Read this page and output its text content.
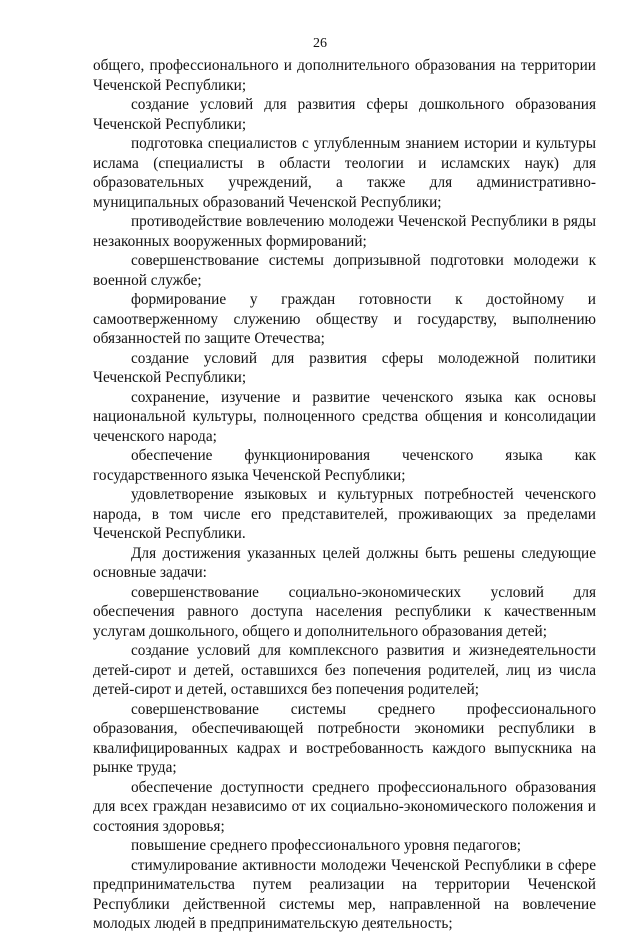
26

общего, профессионального и дополнительного образования на территории Чеченской Республики;

создание условий для развития сферы дошкольного образования Чеченской Республики;

подготовка специалистов с углубленным знанием истории и культуры ислама (специалисты в области теологии и исламских наук) для образовательных учреждений, а также для административно-муниципальных образований Чеченской Республики;

противодействие вовлечению молодежи Чеченской Республики в ряды незаконных вооруженных формирований;

совершенствование системы допризывной подготовки молодежи к военной службе;

формирование у граждан готовности к достойному и самоотверженному служению обществу и государству, выполнению обязанностей по защите Отечества;

создание условий для развития сферы молодежной политики Чеченской Республики;

сохранение, изучение и развитие чеченского языка как основы национальной культуры, полноценного средства общения и консолидации чеченского народа;

обеспечение функционирования чеченского языка как государственного языка Чеченской Республики;

удовлетворение языковых и культурных потребностей чеченского народа, в том числе его представителей, проживающих за пределами Чеченской Республики.

Для достижения указанных целей должны быть решены следующие основные задачи:

совершенствование социально-экономических условий для обеспечения равного доступа населения республики к качественным услугам дошкольного, общего и дополнительного образования детей;

создание условий для комплексного развития и жизнедеятельности детей-сирот и детей, оставшихся без попечения родителей, лиц из числа детей-сирот и детей, оставшихся без попечения родителей;

совершенствование системы среднего профессионального образования, обеспечивающей потребности экономики республики в квалифицированных кадрах и востребованность каждого выпускника на рынке труда;

обеспечение доступности среднего профессионального образования для всех граждан независимо от их социально-экономического положения и состояния здоровья;

повышение среднего профессионального уровня педагогов;

стимулирование активности молодежи Чеченской Республики в сфере предпринимательства путем реализации на территории Чеченской Республики действенной системы мер, направленной на вовлечение молодых людей в предпринимательскую деятельность;
